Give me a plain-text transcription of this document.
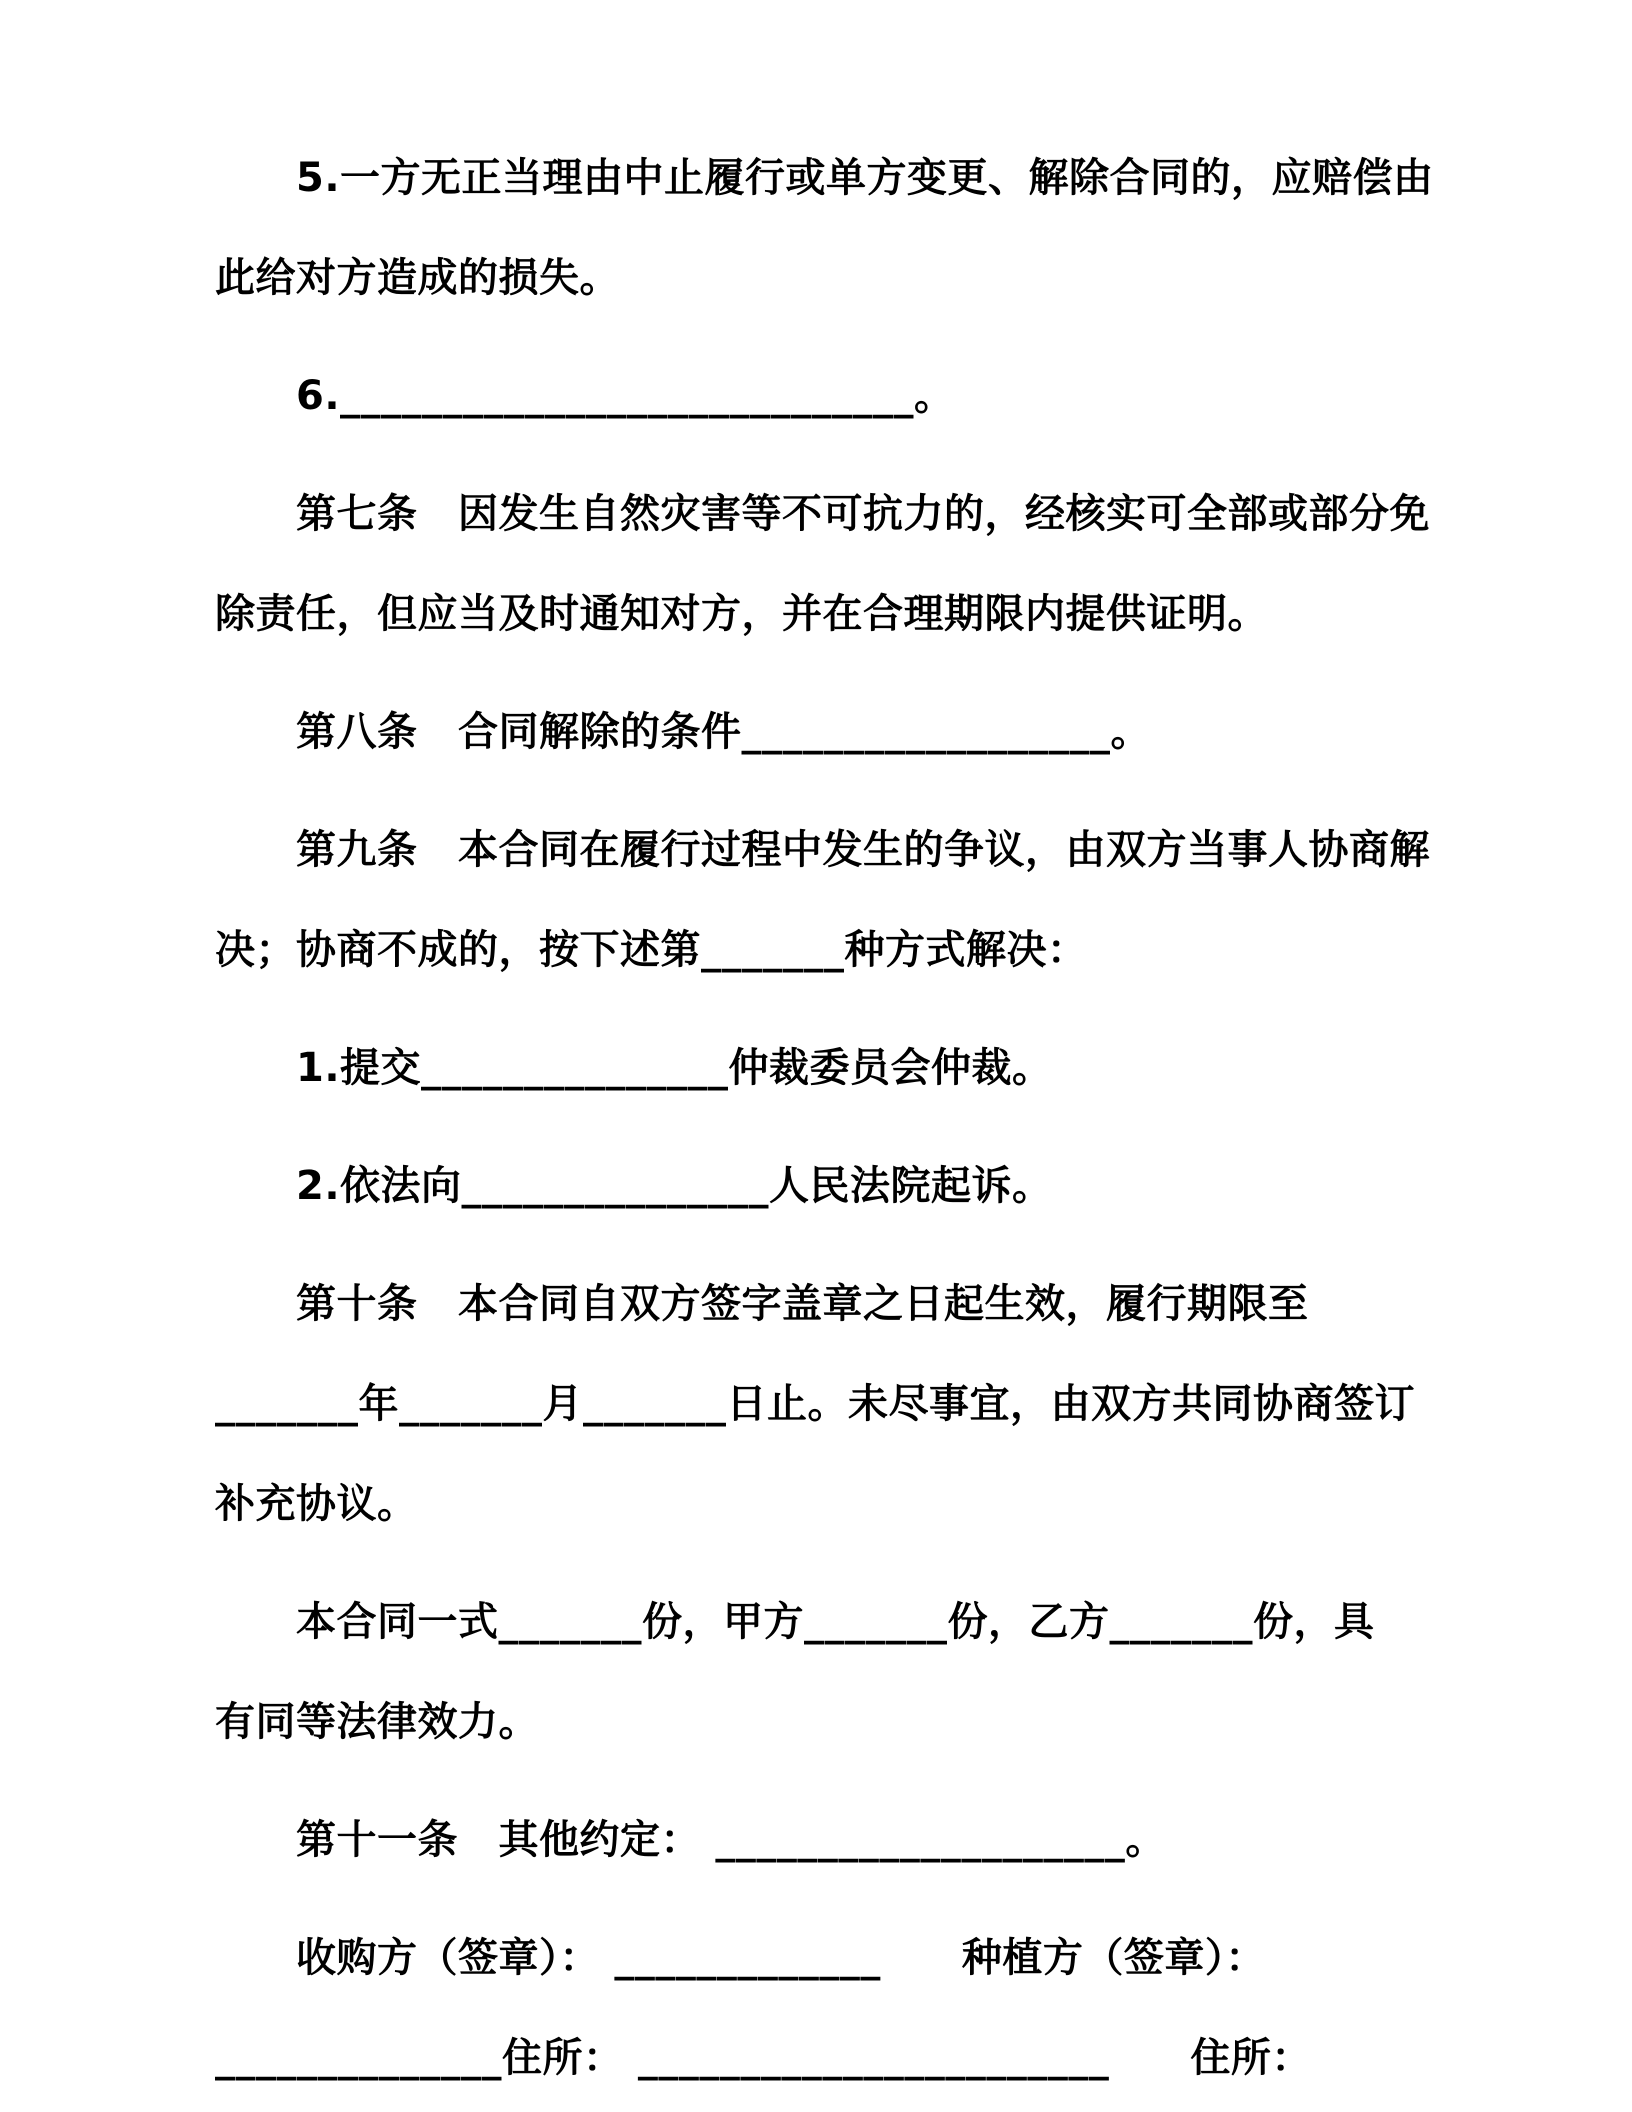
　　5.一方无正当理由中止履行或单方变更、解除合同的，应赔偿由
此给对方造成的损失。
　　6.____________________________。
　　第七条　因发生自然灾害等不可抗力的，经核实可全部或部分免
除责任，但应当及时通知对方，并在合理期限内提供证明。
　　第八条　合同解除的条件__________________。
　　第九条　本合同在履行过程中发生的争议，由双方当事人协商解
决；协商不成的，按下述第_______种方式解决：
　　1.提交_______________仲裁委员会仲裁。
　　2.依法向_______________人民法院起诉。
　　第十条　本合同自双方签字盖章之日起生效，履行期限至
_______年_______月_______日止。未尽事宜，由双方共同协商签订
补充协议。
　　本合同一式_______份，甲方_______份，乙方_______份，具
有同等法律效力。
　　第十一条　其他约定： ____________________。
　　收购方（签章）： _____________　　种植方（签章）：
______________住所： _______________________　　住所：
